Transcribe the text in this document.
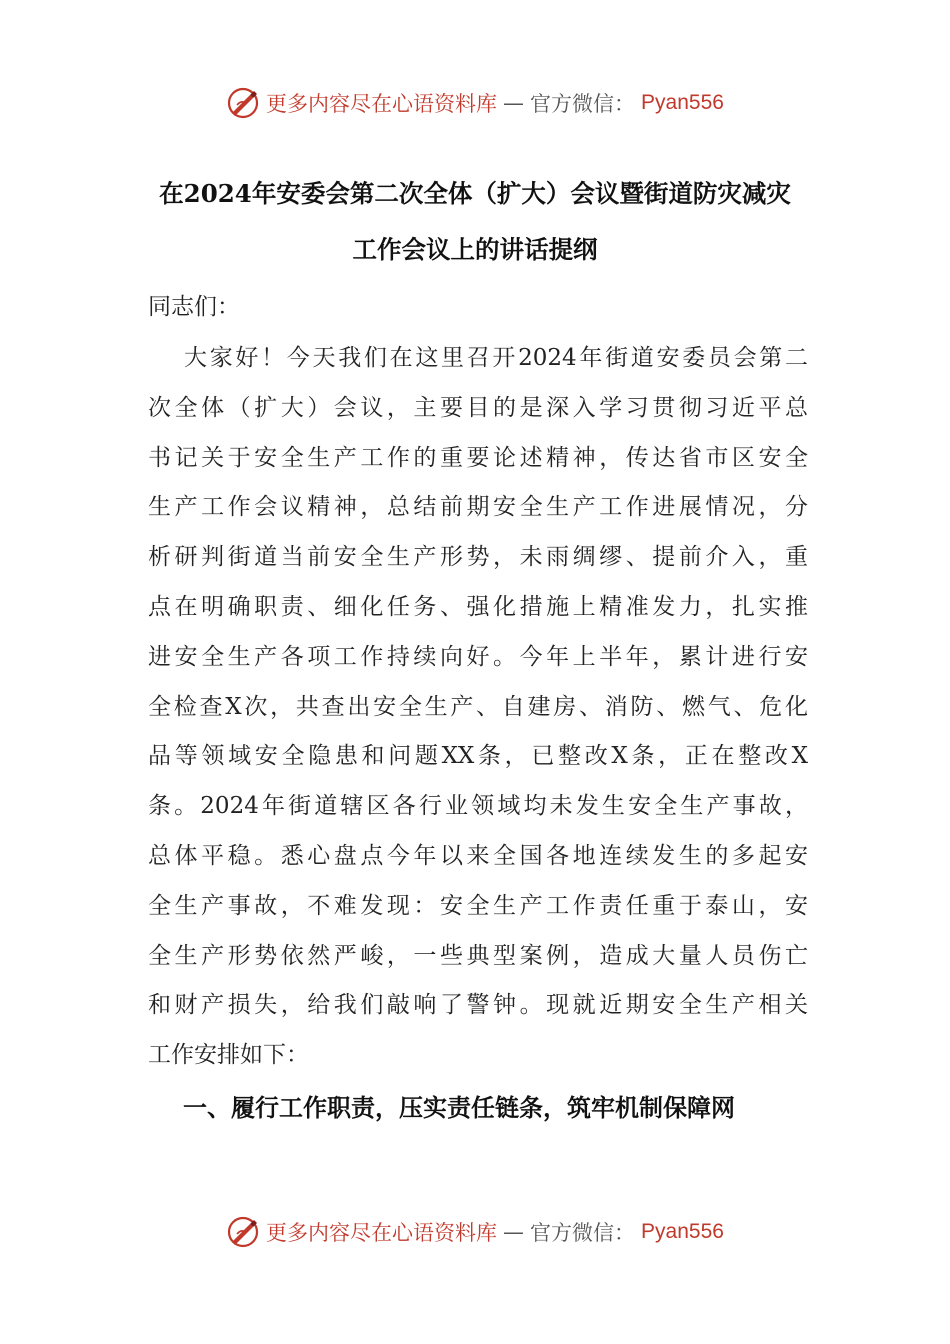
更多内容尽在心语资料库 — 官方微信： Pyan556
在2024年安委会第二次全体（扩大）会议暨街道防灾减灾
工作会议上的讲话提纲
同志们：
大家好！今天我们在这里召开2024年街道安委员会第二
次全体（扩大）会议，主要目的是深入学习贯彻习近平总
书记关于安全生产工作的重要论述精神，传达省市区安全
生产工作会议精神，总结前期安全生产工作进展情况，分
析研判街道当前安全生产形势，未雨绸缪、提前介入，重
点在明确职责、细化任务、强化措施上精准发力，扎实推
进安全生产各项工作持续向好。今年上半年，累计进行安
全检查X次，共查出安全生产、自建房、消防、燃气、危化
品等领域安全隐患和问题XX条，已整改X条，正在整改X
条。2024年街道辖区各行业领域均未发生安全生产事故，
总体平稳。悉心盘点今年以来全国各地连续发生的多起安
全生产事故，不难发现：安全生产工作责任重于泰山，安
全生产形势依然严峻，一些典型案例，造成大量人员伤亡
和财产损失，给我们敲响了警钟。现就近期安全生产相关
工作安排如下：
一、履行工作职责，压实责任链条，筑牢机制保障网
更多内容尽在心语资料库 — 官方微信： Pyan556
